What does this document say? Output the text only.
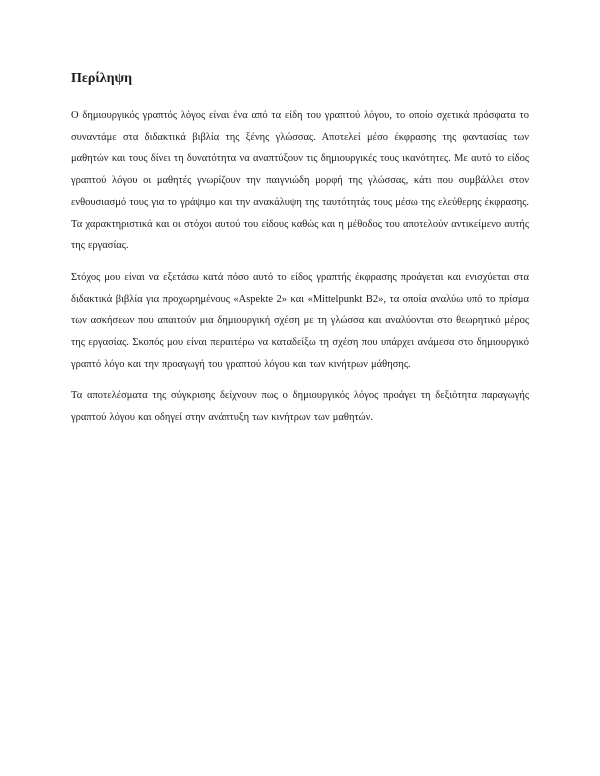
Περίληψη

Ο δημιουργικός γραπτός λόγος είναι ένα από τα είδη του γραπτού λόγου, το οποίο σχετικά πρόσφατα το συναντάμε στα διδακτικά βιβλία της ξένης γλώσσας. Αποτελεί μέσο έκφρασης της φαντασίας των μαθητών και τους δίνει τη δυνατότητα να αναπτύξουν τις δημιουργικές τους ικανότητες. Με αυτό το είδος γραπτού λόγου οι μαθητές γνωρίζουν την παιγνιώδη μορφή της γλώσσας, κάτι που συμβάλλει στον ενθουσιασμό τους για το γράψιμο και την ανακάλυψη της ταυτότητάς τους μέσω της ελεύθερης έκφρασης. Τα χαρακτηριστικά και οι στόχοι αυτού του είδους καθώς και η μέθοδος του αποτελούν αντικείμενο αυτής της εργασίας.

Στόχος μου είναι να εξετάσω κατά πόσο αυτό το είδος γραπτής έκφρασης προάγεται και ενισχύεται στα διδακτικά βιβλία για προχωρημένους «Aspekte 2» και «Mittelpunkt B2», τα οποία αναλύω υπό το πρίσμα των ασκήσεων που απαιτούν μια δημιουργική σχέση με τη γλώσσα και αναλύονται στο θεωρητικό μέρος της εργασίας. Σκοπός μου είναι περαιτέρω να καταδείξω τη σχέση που υπάρχει ανάμεσα στο δημιουργικό γραπτό λόγο και την προαγωγή του γραπτού λόγου και των κινήτρων μάθησης.

Τα αποτελέσματα της σύγκρισης δείχνουν πως ο δημιουργικός λόγος προάγει τη δεξιότητα παραγωγής γραπτού λόγου και οδηγεί στην ανάπτυξη των κινήτρων των μαθητών.
